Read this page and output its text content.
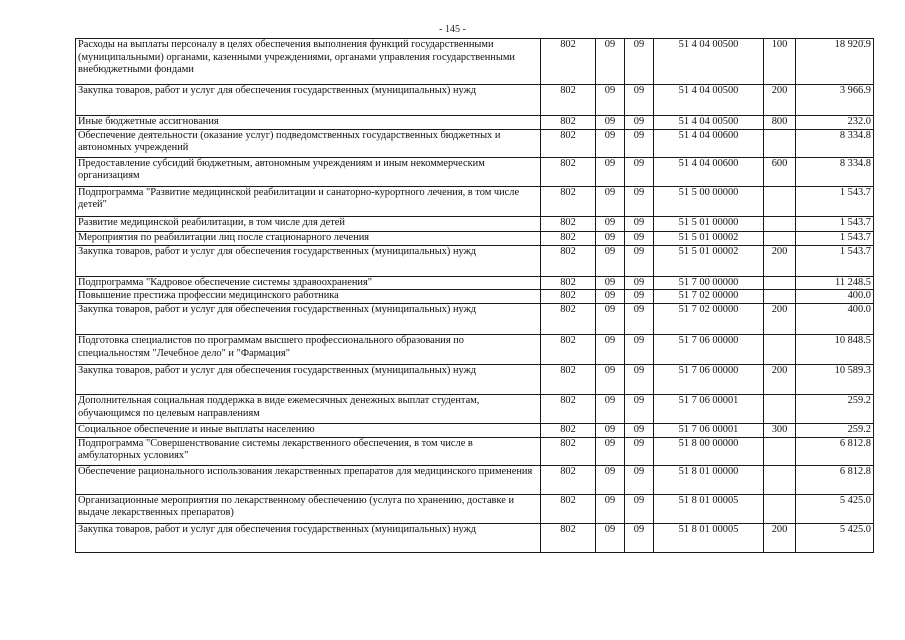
- 145 -
Расходы на выплаты персоналу в целях обеспечения выполнения функций государственными (муниципальными) органами, казенными учреждениями, органами управления государственными внебюджетными фондами	802	09	09	51 4 04 00500	100	18 920.9
Закупка товаров, работ и услуг для обеспечения государственных (муниципальных) нужд	802	09	09	51 4 04 00500	200	3 966.9
Иные бюджетные ассигнования	802	09	09	51 4 04 00500	800	232.0
Обеспечение деятельности (оказание услуг) подведомственных государственных бюджетных и автономных учреждений	802	09	09	51 4 04 00600		8 334.8
Предоставление субсидий бюджетным, автономным учреждениям и иным некоммерческим организациям	802	09	09	51 4 04 00600	600	8 334.8
Подпрограмма "Развитие медицинской реабилитации и санаторно-курортного лечения, в том числе детей"	802	09	09	51 5 00 00000		1 543.7
Развитие медицинской реабилитации, в том числе для детей	802	09	09	51 5 01 00000		1 543.7
Мероприятия по реабилитации лиц после стационарного лечения	802	09	09	51 5 01 00002		1 543.7
Закупка товаров, работ и услуг для обеспечения государственных (муниципальных) нужд	802	09	09	51 5 01 00002	200	1 543.7
Подпрограмма "Кадровое обеспечение системы здравоохранения"	802	09	09	51 7 00 00000		11 248.5
Повышение престижа профессии медицинского работника	802	09	09	51 7 02 00000		400.0
Закупка товаров, работ и услуг для обеспечения государственных (муниципальных) нужд	802	09	09	51 7 02 00000	200	400.0
Подготовка специалистов по программам высшего профессионального образования по специальностям "Лечебное дело" и "Фармация"	802	09	09	51 7 06 00000		10 848.5
Закупка товаров, работ и услуг для обеспечения государственных (муниципальных) нужд	802	09	09	51 7 06 00000	200	10 589.3
Дополнительная социальная поддержка в виде ежемесячных денежных выплат студентам, обучающимся по целевым направлениям	802	09	09	51 7 06 00001		259.2
Социальное обеспечение и иные выплаты населению	802	09	09	51 7 06 00001	300	259.2
Подпрограмма "Совершенствование системы лекарственного обеспечения, в том числе в амбулаторных условиях"	802	09	09	51 8 00 00000		6 812.8
Обеспечение рационального использования лекарственных препаратов для медицинского применения	802	09	09	51 8 01 00000		6 812.8
Организационные мероприятия по лекарственному обеспечению (услуга по хранению, доставке и выдаче лекарственных препаратов)	802	09	09	51 8 01 00005		5 425.0
Закупка товаров, работ и услуг для обеспечения государственных (муниципальных) нужд	802	09	09	51 8 01 00005	200	5 425.0
